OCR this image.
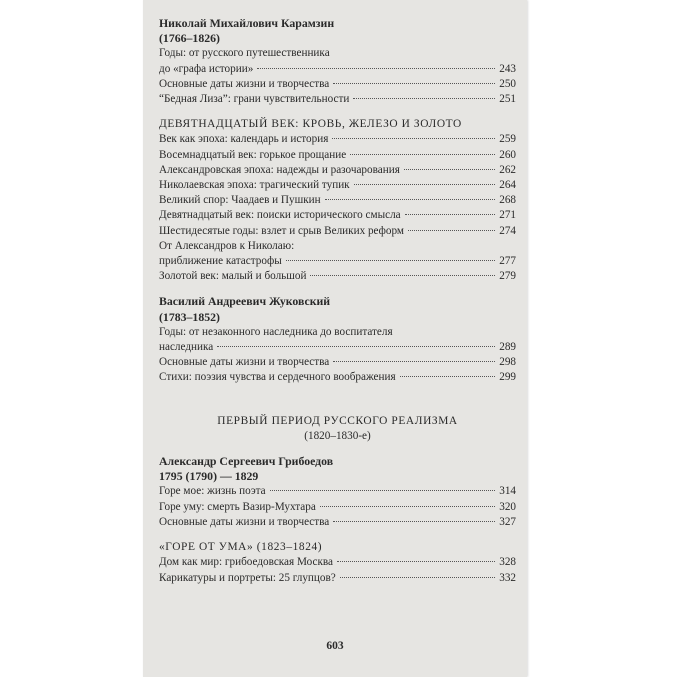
Николай Михайлович Карамзин
(1766–1826)
Годы: от русского путешественника
до «графа истории»	243
Основные даты жизни и творчества	250
“Бедная Лиза”: грани чувствительности	251
ДЕВЯТНАДЦАТЫЙ ВЕК: КРОВЬ, ЖЕЛЕЗО И ЗОЛОТО
Век как эпоха: календарь и история	259
Восемнадцатый век: горькое прощание	260
Александровская эпоха: надежды и разочарования	262
Николаевская эпоха: трагический тупик	264
Великий спор: Чаадаев и Пушкин	268
Девятнадцатый век: поиски исторического смысла	271
Шестидесятые годы: взлет и срыв Великих реформ	274
От Александров к Николаю:
приближение катастрофы	277
Золотой век: малый и большой	279
Василий Андреевич Жуковский
(1783–1852)
Годы: от незаконного наследника до воспитателя
наследника	289
Основные даты жизни и творчества	298
Стихи: поэзия чувства и сердечного воображения	299
ПЕРВЫЙ ПЕРИОД РУССКОГО РЕАЛИЗМА
(1820–1830-е)
Александр Сергеевич Грибоедов
1795 (1790) — 1829
Горе мое: жизнь поэта	314
Горе уму: смерть Вазир-Мухтара	320
Основные даты жизни и творчества	327
«ГОРЕ ОТ УМА» (1823–1824)
Дом как мир: грибоедовская Москва	328
Карикатуры и портреты: 25 глупцов?	332
603
